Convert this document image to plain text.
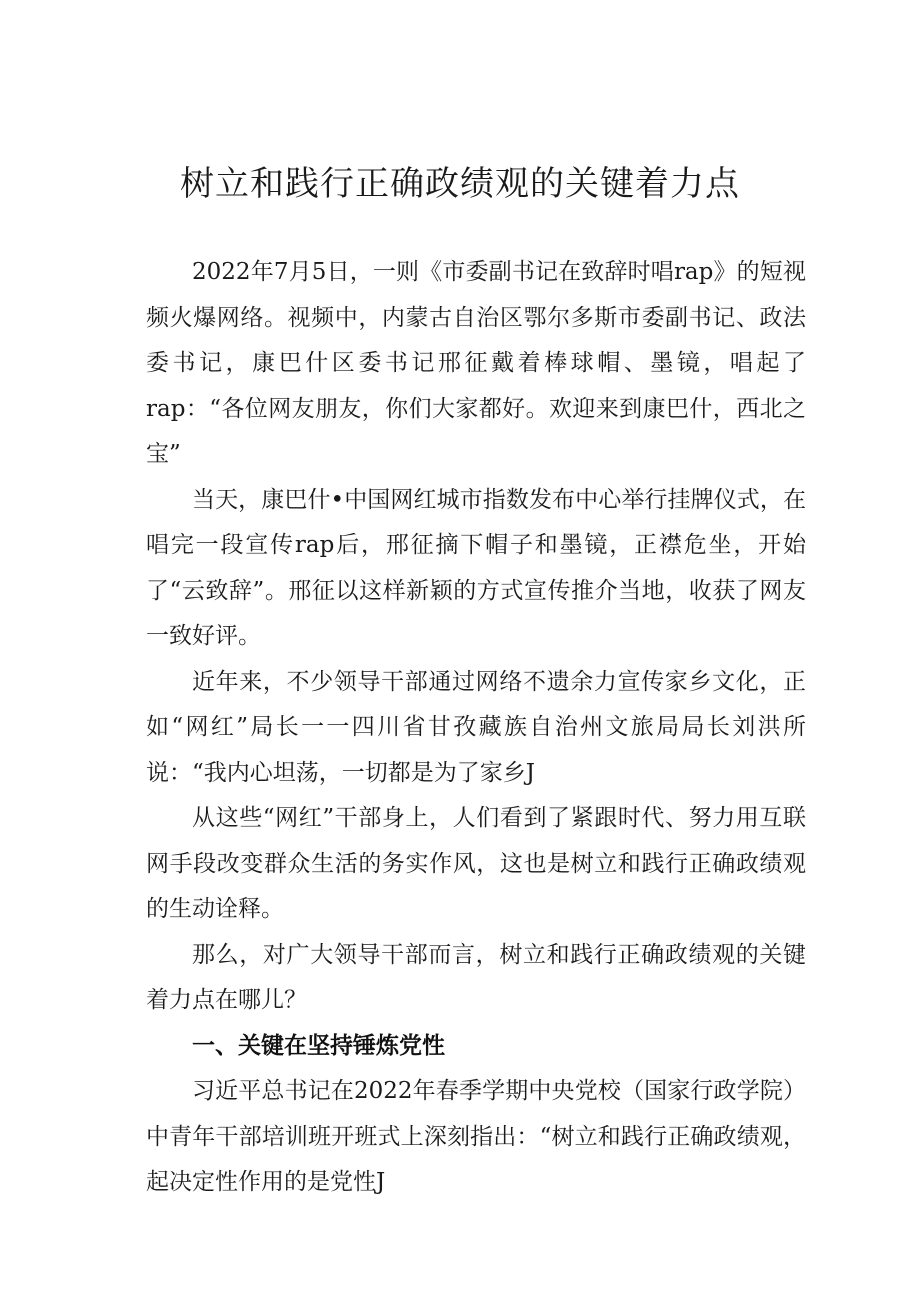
树立和践行正确政绩观的关键着力点

2022年7月5日，一则《市委副书记在致辞时唱rap》的短视频火爆网络。视频中，内蒙古自治区鄂尔多斯市委副书记、政法委书记，康巴什区委书记邢征戴着棒球帽、墨镜，唱起了rap：“各位网友朋友，你们大家都好。欢迎来到康巴什，西北之宝”

当天，康巴什•中国网红城市指数发布中心举行挂牌仪式，在唱完一段宣传rap后，邢征摘下帽子和墨镜，正襟危坐，开始了“云致辞”。邢征以这样新颖的方式宣传推介当地，收获了网友一致好评。

近年来，不少领导干部通过网络不遗余力宣传家乡文化，正如“网红”局长一一四川省甘孜藏族自治州文旅局局长刘洪所说：“我内心坦荡，一切都是为了家乡J

从这些“网红”干部身上，人们看到了紧跟时代、努力用互联网手段改变群众生活的务实作风，这也是树立和践行正确政绩观的生动诠释。

那么，对广大领导干部而言，树立和践行正确政绩观的关键着力点在哪儿？

一、关键在坚持锤炼党性

习近平总书记在2022年春季学期中央党校（国家行政学院）中青年干部培训班开班式上深刻指出：“树立和践行正确政绩观，起决定性作用的是党性J
